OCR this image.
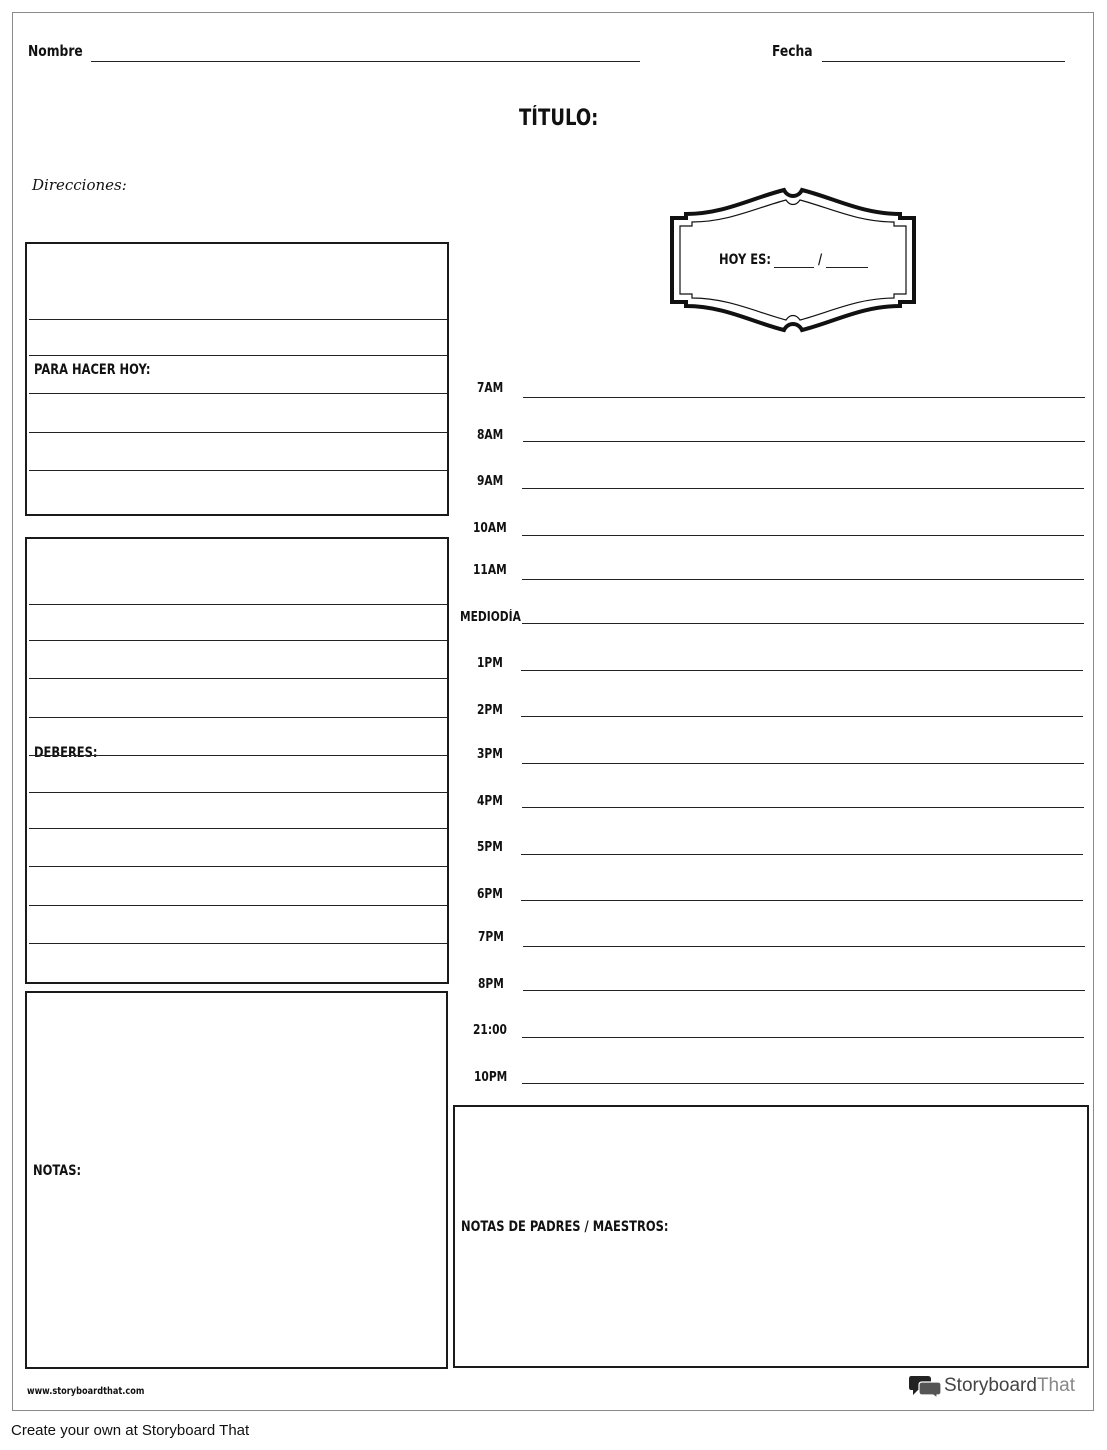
Nombre	Fecha
TÍTULO:
Direcciones:
HOY ES:	/
PARA HACER HOY:
DEBERES:
NOTAS:
7AM
8AM
9AM
10AM
11AM
MEDIODÍA
1PM
2PM
3PM
4PM
5PM
6PM
7PM
8PM
21:00
10PM
NOTAS DE PADRES / MAESTROS:
www.storyboardthat.com	Storyboard That
Create your own at Storyboard That
